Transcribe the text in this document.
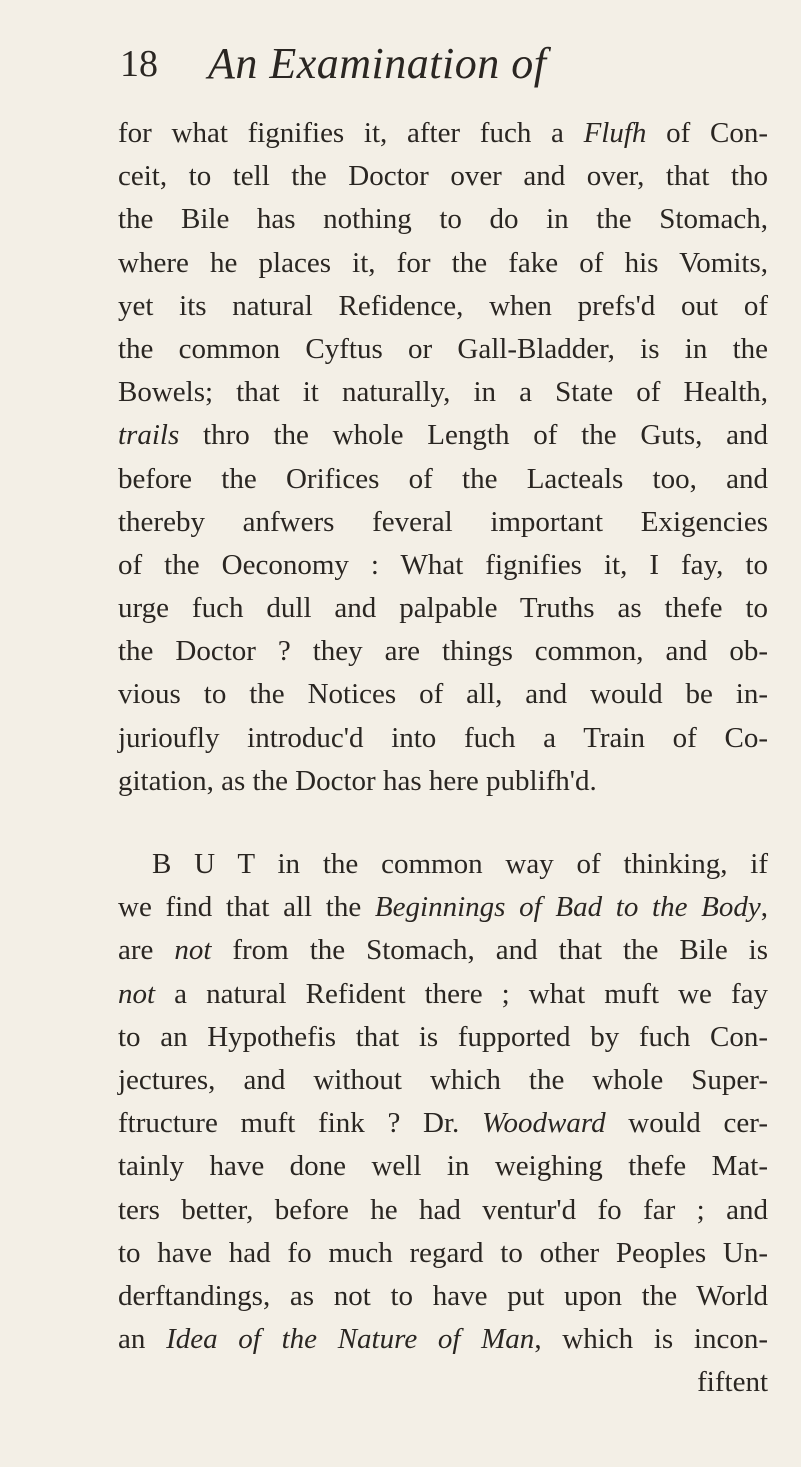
18 An Examination of
for what fignifies it, after fuch a Flufh of Con-
ceit, to tell the Doctor over and over, that tho
the Bile has nothing to do in the Stomach,
where he places it, for the fake of his Vomits,
yet its natural Refidence, when prefs'd out of
the common Cyftus or Gall-Bladder, is in the
Bowels; that it naturally, in a State of Health,
trails thro the whole Length of the Guts, and
before the Orifices of the Lacteals too, and
thereby anfwers feveral important Exigencies
of the Oeconomy : What fignifies it, I fay, to
urge fuch dull and palpable Truths as thefe to
the Doctor ? they are things common, and ob-
vious to the Notices of all, and would be in-
jurioufly introduc'd into fuch a Train of Co-
gitation, as the Doctor has here publifh'd.
B U T in the common way of thinking, if
we find that all the Beginnings of Bad to the Body,
are not from the Stomach, and that the Bile is
not a natural Refident there ; what muft we fay
to an Hypothefis that is fupported by fuch Con-
jectures, and without which the whole Super-
ftructure muft fink ? Dr. Woodward would cer-
tainly have done well in weighing thefe Mat-
ters better, before he had ventur'd fo far ; and
to have had fo much regard to other Peoples Un-
derftandings, as not to have put upon the World
an Idea of the Nature of Man, which is incon-
fiftent
